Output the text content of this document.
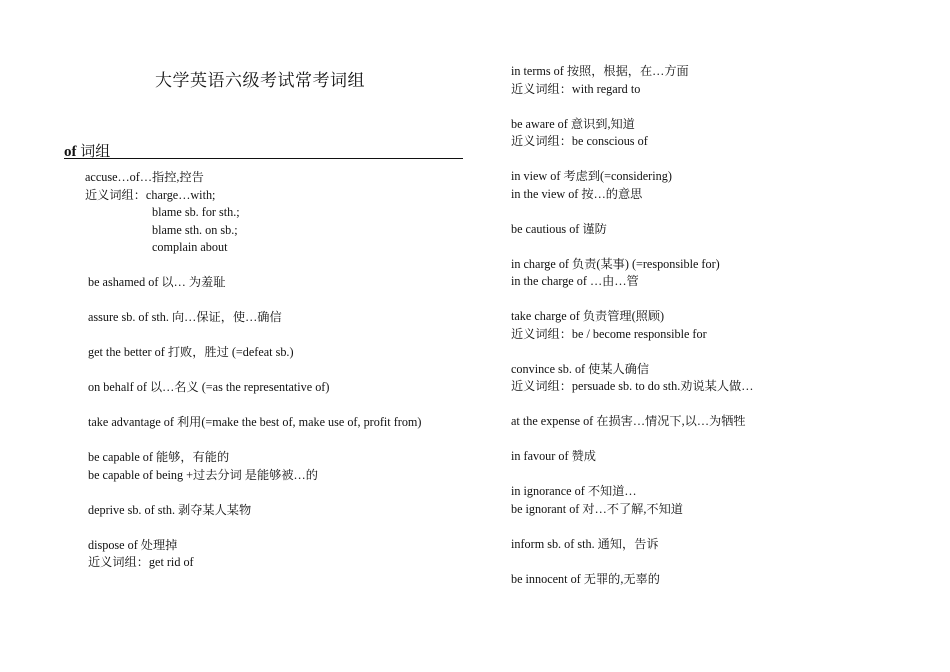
大学英语六级考试常考词组
of 词组
accuse…of…指控,控告
近义词组：charge…with;
blame sb. for sth.;
blame sth. on sb.;
complain about
be ashamed of 以… 为羞耻
assure sb. of sth. 向…保证，使…确信
get the better of 打败，胜过 (=defeat sb.)
on behalf of 以…名义 (=as the representative of)
take advantage of 利用(=make the best of, make use of, profit from)
be capable of 能够，有能的
be capable of being +过去分词 是能够被…的
deprive sb. of sth. 剥夺某人某物
dispose of 处理掉
近义词组：get rid of
in terms of 按照，根据，在…方面
近义词组：with regard to
be aware of 意识到,知道
近义词组：be conscious of
in view of 考虑到(=considering)
in the view of 按…的意思
be cautious of 谨防
in charge of 负责(某事) (=responsible for)
in the charge of …由…管
take charge of 负责管理(照顾)
近义词组：be / become responsible for
convince sb. of 使某人确信
近义词组：persuade sb. to do sth.劝说某人做…
at the expense of 在损害…情况下,以…为牺牲
in favour of 赞成
in ignorance of 不知道…
be ignorant of 对…不了解,不知道
inform sb. of sth. 通知，告诉
be innocent of 无罪的,无辜的
